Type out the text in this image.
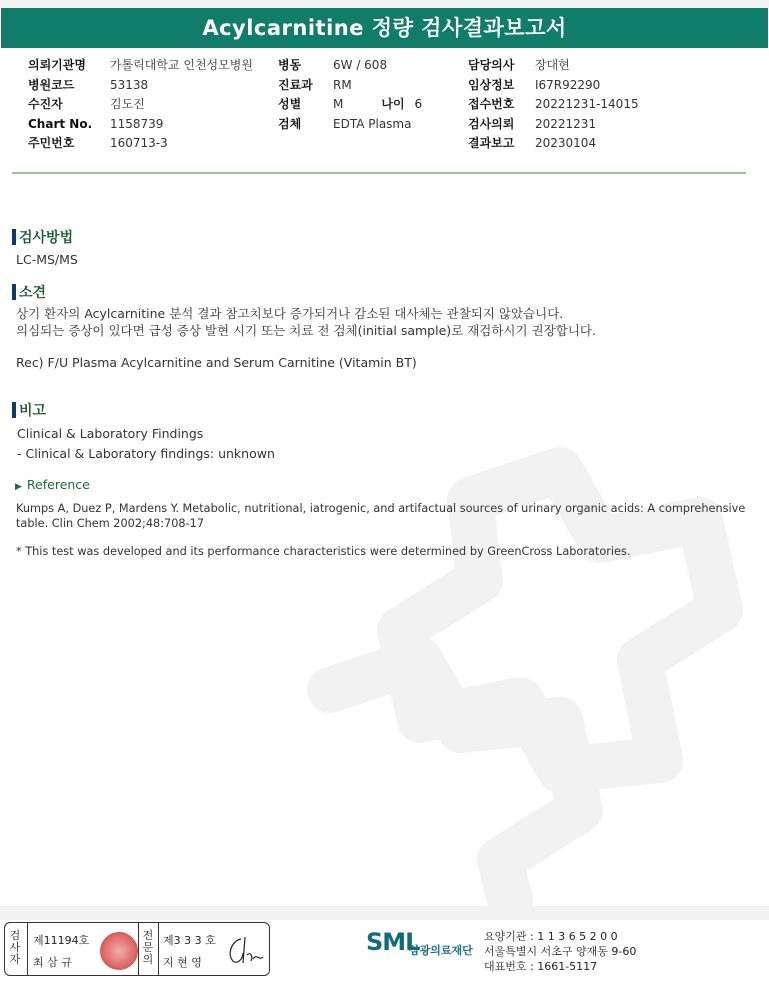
Acylcarnitine 정량 검사결과보고서
의뢰기관명 가톨릭대학교 인천성모병원
병원코드	53138
수진자	김도진
Chart No. 1158739
주민번호	160713-3
병동	6W / 608
진료과 RM
성별	M	나이 6
검체	EDTA Plasma
담당의사 장대현
임상정보 I67R92290
접수번호 20221231-14015
검사의뢰 20221231
결과보고 20230104
검사방법
LC-MS/MS
소견
상기 환자의 Acylcarnitine 분석 결과 참고치보다 증가되거나 감소된 대사체는 관찰되지 않았습니다.
의심되는 증상이 있다면 급성 증상 발현 시기 또는 치료 전 검체(initial sample)로 재검하시기 권장합니다.
Rec) F/U Plasma Acylcarnitine and Serum Carnitine (Vitamin BT)
비고
Clinical & Laboratory Findings
- Clinical & Laboratory findings: unknown
▶ Reference
Kumps A, Duez P, Mardens Y. Metabolic, nutritional, iatrogenic, and artifactual sources of urinary organic acids: A comprehensive table. Clin Chem 2002;48:708-17
* This test was developed and its performance characteristics were determined by GreenCross Laboratories.
검
사
자
제11194호
최 삼 규
전
문
의
제3 3 3 호
지 현 영
SML
삼광의료재단
요양기관 : 1 1 3 6 5 2 0 0
서울특별시 서초구 양재동 9-60
대표번호 : 1661-5117
